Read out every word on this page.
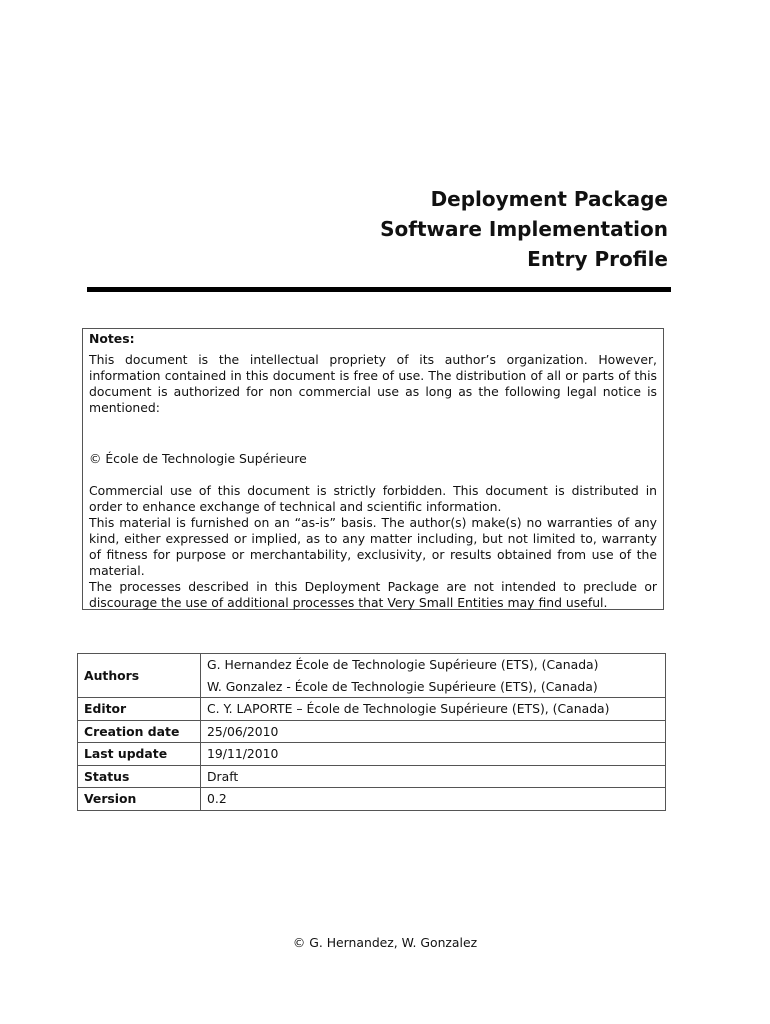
Deployment Package
Software Implementation
Entry Profile

Notes:

This document is the intellectual propriety of its author’s organization. However, information contained in this document is free of use. The distribution of all or parts of this document is authorized for non commercial use as long as the following legal notice is mentioned:

© École de Technologie Supérieure

Commercial use of this document is strictly forbidden. This document is distributed in order to enhance exchange of technical and scientific information.

This material is furnished on an “as-is” basis. The author(s) make(s) no warranties of any kind, either expressed or implied, as to any matter including, but not limited to, warranty of fitness for purpose or merchantability, exclusivity, or results obtained from use of the material.

The processes described in this Deployment Package are not intended to preclude or discourage the use of additional processes that Very Small Entities may find useful.

Authors	G. Hernandez École de Technologie Supérieure (ETS), (Canada)
W. Gonzalez - École de Technologie Supérieure (ETS), (Canada)

Editor	C. Y. LAPORTE – École de Technologie Supérieure (ETS), (Canada)
Creation date	25/06/2010
Last update	19/11/2010
Status	Draft
Version	0.2
© G. Hernandez, W. Gonzalez
